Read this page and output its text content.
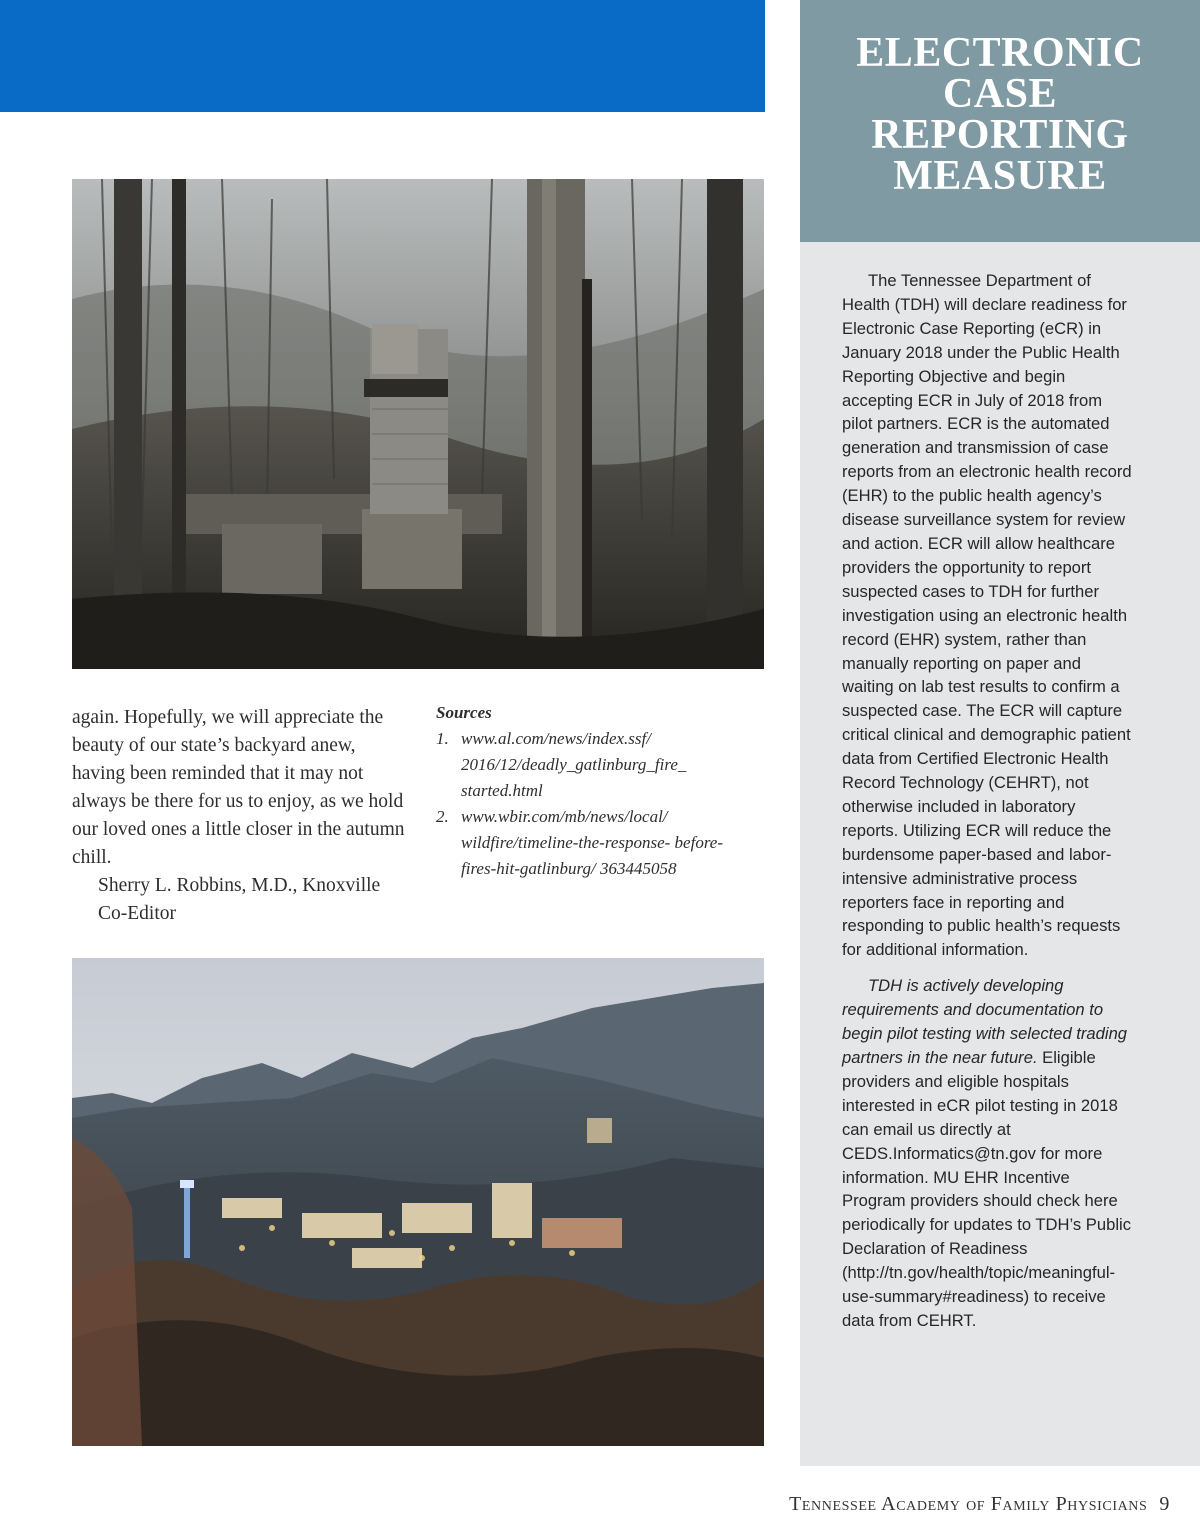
again. Hopefully, we will appreciate the beauty of our state’s backyard anew, having been reminded that it may not always be there for us to enjoy, as we hold our loved ones a little closer in the autumn chill.

Sherry L. Robbins, M.D., Knoxville

Co-Editor

Sources
1. www.al.com/news/index.ssf/ 2016/12/deadly_gatlinburg_fire_ started.html
2. www.wbir.com/mb/news/local/ wildfire/timeline-the-response- before-fires-hit-gatlinburg/ 363445058
ELECTRONIC
CASE
REPORTING
MEASURE

The Tennessee Department of Health (TDH) will declare readiness for Electronic Case Reporting (eCR) in January 2018 under the Public Health Reporting Objective and begin accepting ECR in July of 2018 from pilot partners. ECR is the automated generation and transmission of case reports from an electronic health record (EHR) to the public health agency’s disease surveillance system for review and action. ECR will allow healthcare providers the opportunity to report suspected cases to TDH for further investigation using an electronic health record (EHR) system, rather than manually reporting on paper and waiting on lab test results to confirm a suspected case. The ECR will capture critical clinical and demographic patient data from Certified Electronic Health Record Technology (CEHRT), not otherwise included in laboratory reports. Utilizing ECR will reduce the burdensome paper-based and labor-intensive administrative process reporters face in reporting and responding to public health’s requests for additional information.

TDH is actively developing requirements and documentation to begin pilot testing with selected trading partners in the near future. Eligible providers and eligible hospitals interested in eCR pilot testing in 2018 can email us directly at CEDS.Informatics@tn.gov for more information. MU EHR Incentive Program providers should check here periodically for updates to TDH’s Public Declaration of Readiness (http://tn.gov/health/topic/meaningful-use-summary#readiness) to receive data from CEHRT.

Tennessee Academy of Family Physicians 9
